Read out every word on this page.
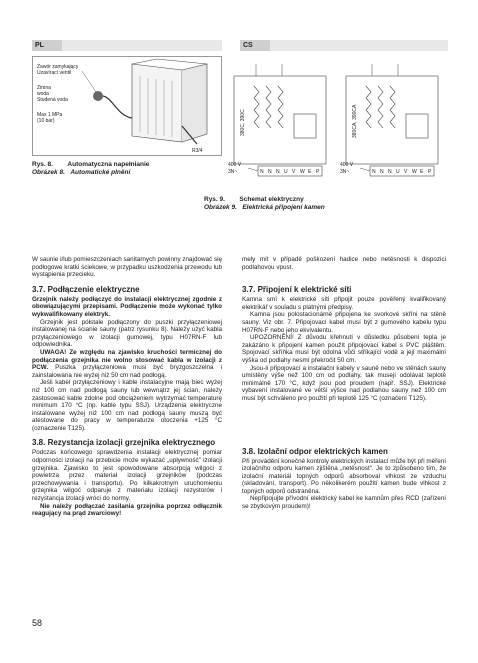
PL	CS
Zawór zamykający
Uzavírací ventil
Zimna
woda
Studená voda
Max 1 MPa
(10 bar)
R3/4
Rys. 8. Automatyczna napełnianie
Obrázek 8. Automatické plnění
380C, 390C
N N N U V W E P
400 V
3N~
380CA, 390CA
N N N U V W E P
400 V
3N~
Rys. 9. Schemat elektryczny
Obrázek 9. Elektrická připojení kamen

W saunie i/lub pomieszczeniach sanitarnych powinny znajdować się podłogowe kratki ściekowe, w przypadku uszkodzenia przewodu lub wystąpienia przecieku.

3.7. Podłączenie elektryczne

Grzejnik należy podłączyć do instalacji elektrycznej zgodnie z obowiązującymi przepisami. Podłączenie może wykonać tylko wykwalifikowany elektryk.

Grzejnik jest półstale podłączony do puszki przyłączeniowej instalowanej na ścianie sauny (patrz rysunku 8). Należy użyć kabla przyłączeniowego w izolacji gumowej, typu H07RN-F lub odpowiednika.

UWAGA! Ze względu na zjawisko kruchości termicznej do podłączenia grzejnika nie wolno stosować kabla w izolacji z PCW. Puszka przyłączeniowa musi być bryzgoszczelna i zainstalowana nie wyżej niż 50 cm nad podłogą.

Jeśli kabel przyłączeniowy i kable instalacyjne mają biec wyżej niż 100 cm nad podłogą sauny lub wewnątrz jej ścian, należy zastosować kable zdolne pod obciążeniem wytrzymać temperaturę minimum 170 °C (np. kable typu SSJ). Urządzenia elektryczne instalowane wyżej niż 100 cm nad podłogą sauny muszą być atestowane do pracy w temperaturze otoczenia +125 °C (oznaczenie T125).

3.8. Rezystancja izolacji grzejnika elektrycznego

Podczas końcowego sprawdzenia instalacji elektrycznej pomiar odporności izolacji na przebicie może wykazać „upływność” izolacji grzejnika. Zjawisko to jest spowodowane absorpcją wilgoci z powietrza przez materiał izolacji grzejników (podczas przechowywania i transportu). Po kilkakrotnym uruchomieniu grzejnika wilgoć odparuje z materiału izolacji rezystorów i rezystancja izolacji wróci do normy.

Nie należy podłączać zasilania grzejnika poprzez odłącznik reagujący na prąd zwarciowy!

mely mít v případě poškození hadice nebo netěsnosti k dispozici podlahovou vpust.

3.7. Připojení k elektrické síti

Kamna smí k elektrické síti připojit pouze pověřený kvalifikovaný elektrikář v souladu s platnými předpisy.

Kamna jsou polostacionárně připojena ke svorkové skříni na stěně sauny. Viz obr. 7. Připojovací kabel musí být z gumového kabelu typu H07RN-F nebo jeho ekvivalentu.

UPOZORNĚNÍ! Z důvodu křehnutí v důsledku působení tepla je zakázáno k připojení kamen použít připojovací kabel s PVC pláštěm. Spojovací skříňka musí být odolná vůči stříkající vodě a její maximální výška od podlahy nesmí překročit 50 cm.

Jsou-li připojovací a instalační kabely v sauně nebo ve stěnách sauny umístěny výše než 100 cm od podlahy, tak musejí odolávat teplotě minimálně 170 °C, když jsou pod proudem (např. SSJ). Elektrické vybavení instalované ve větší výšce nad podlahou sauny než 100 cm musí být schváleno pro použití při teplotě 125 °C (označení T125).

3.8. Izolační odpor elektrických kamen

Při provádění konečné kontroly elektrických instalací může být při měření izolačního odporu kamen zjištěna „netěsnost“. Je to způsobeno tím, že izolační materiál topných odporů absorboval vlhkost ze vzduchu (skladování, transport). Po několikerém použití kamen bude vlhkost z topných odporů odstraněna.

Nepřipojujte přívodní elektrický kabel ke kamnům přes RCD (zařízení se zbytkovým proudem)!

58
